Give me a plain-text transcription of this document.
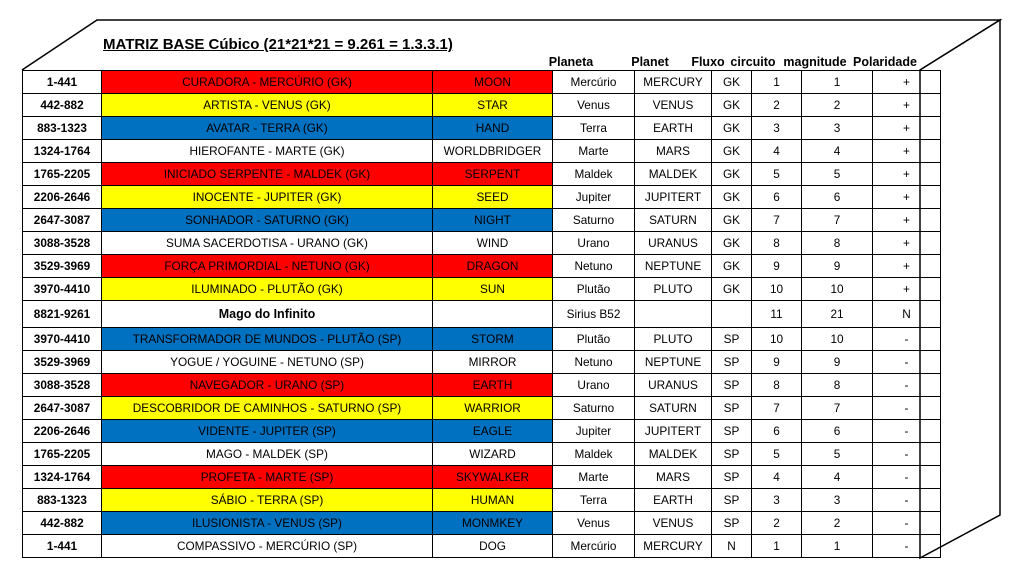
MATRIZ BASE Cúbico (21*21*21 = 9.261 = 1.3.3.1)
Planeta	Planet Fluxo circuito magnitude Polaridade
1-441	CURADORA - MERCÚRIO (GK)	MOON	Mercúrio	MERCURY	GK	1	1	+
442-882	ARTISTA - VENUS (GK)	STAR	Venus	VENUS	GK	2	2	+
883-1323	AVATAR - TERRA (GK)	HAND	Terra	EARTH	GK	3	3	+
1324-1764	HIEROFANTE - MARTE (GK)	WORLDBRIDGER	Marte	MARS	GK	4	4	+
1765-2205	INICIADO SERPENTE - MALDEK (GK)	SERPENT	Maldek	MALDEK	GK	5	5	+
2206-2646	INOCENTE - JUPITER (GK)	SEED	Jupiter	JUPITERT	GK	6	6	+
2647-3087	SONHADOR - SATURNO (GK)	NIGHT	Saturno	SATURN	GK	7	7	+
3088-3528	SUMA SACERDOTISA - URANO (GK)	WIND	Urano	URANUS	GK	8	8	+
3529-3969	FORÇA PRIMORDIAL - NETUNO (GK)	DRAGON	Netuno	NEPTUNE	GK	9	9	+
3970-4410	ILUMINADO - PLUTÃO (GK)	SUN	Plutão	PLUTO	GK	10	10	+
8821-9261	Mago do Infinito		Sirius B52			11	21	N
3970-4410	TRANSFORMADOR DE MUNDOS - PLUTÃO (SP)	STORM	Plutão	PLUTO	SP	10	10	-
3529-3969	YOGUE / YOGUINE - NETUNO (SP)	MIRROR	Netuno	NEPTUNE	SP	9	9	-
3088-3528	NAVEGADOR - URANO (SP)	EARTH	Urano	URANUS	SP	8	8	-
2647-3087	DESCOBRIDOR DE CAMINHOS - SATURNO (SP)	WARRIOR	Saturno	SATURN	SP	7	7	-
2206-2646	VIDENTE - JUPITER (SP)	EAGLE	Jupiter	JUPITERT	SP	6	6	-
1765-2205	MAGO - MALDEK (SP)	WIZARD	Maldek	MALDEK	SP	5	5	-
1324-1764	PROFETA - MARTE (SP)	SKYWALKER	Marte	MARS	SP	4	4	-
883-1323	SÁBIO - TERRA (SP)	HUMAN	Terra	EARTH	SP	3	3	-
442-882	ILUSIONISTA - VENUS (SP)	MONMKEY	Venus	VENUS	SP	2	2	-
1-441	COMPASSIVO - MERCÚRIO (SP)	DOG	Mercúrio	MERCURY	N	1	1	-
